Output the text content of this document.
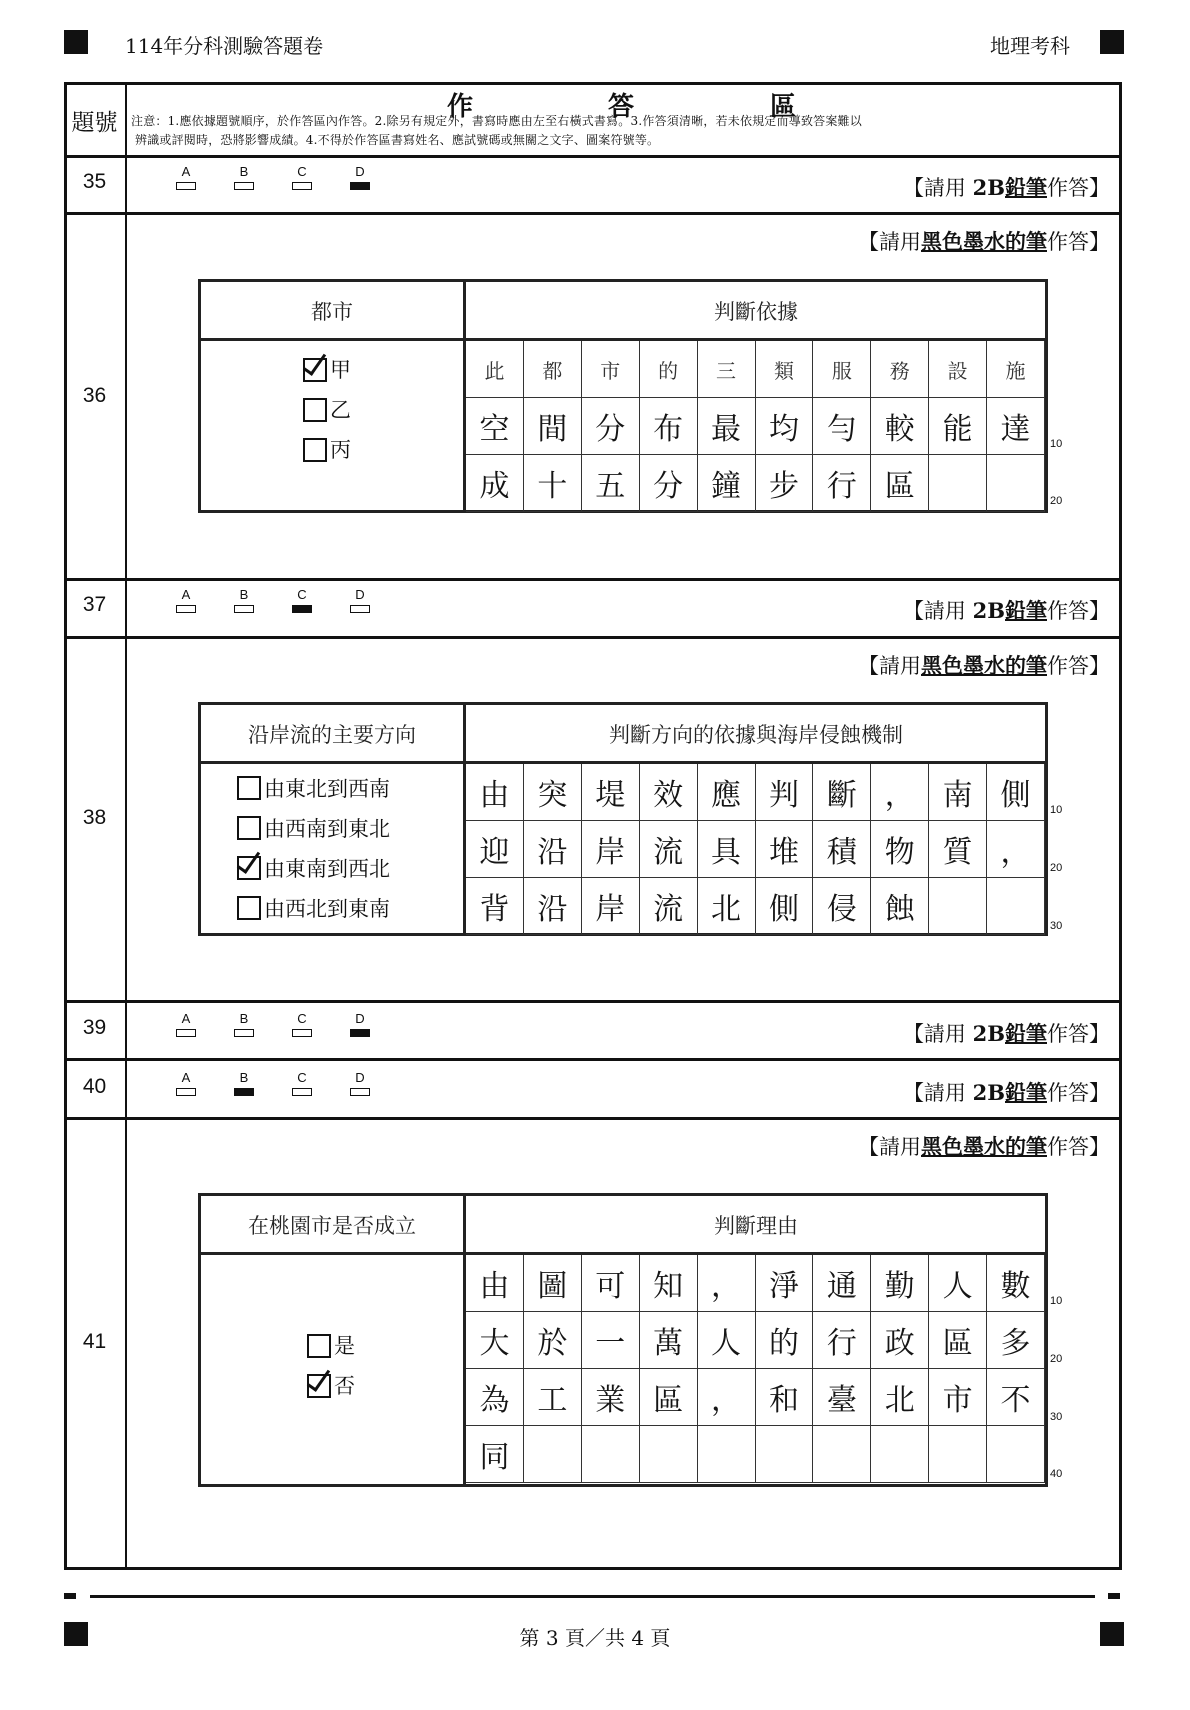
114年分科測驗答題卷	地理考科
題號
作	答	區
注意：1.應依據題號順序，於作答區內作答。2.除另有規定外，書寫時應由左至右橫式書寫。3.作答須清晰，若未依規定而導致答案難以
辨識或評閱時，恐將影響成績。4.不得於作答區書寫姓名、應試號碼或無關之文字、圖案符號等。
35	A	B	C	D
【請用 2B鉛筆作答】
36
【請用黑色墨水的筆作答】
都市	判斷依據
甲
乙
丙
此	都	市	的	三	類	服	務	設	施
空 間 分 布 最 均 勻 較 能 達
成 十 五 分 鐘 步 行 區
10
20
37	A	B	C	D
【請用 2B鉛筆作答】
38
【請用黑色墨水的筆作答】
沿岸流的主要方向	判斷方向的依據與海岸侵蝕機制
由東北到西南
由西南到東北
由東南到西北
由西北到東南
由 突 堤 效 應 判 斷 ， 南 側
迎 沿 岸 流 具 堆 積 物 質 ，
背 沿 岸 流 北 側 侵 蝕
10
20
30
39	A	B	C	D
【請用 2B鉛筆作答】
40	A	B	C	D
【請用 2B鉛筆作答】
41
【請用黑色墨水的筆作答】
在桃園市是否成立	判斷理由
是
否
由 圖 可 知 ， 淨 通 勤 人 數
大 於 一 萬 人 的 行 政 區 多
為 工 業 區 ， 和 臺 北 市 不
同
10
20
30
40
第 3 頁／共 4 頁
